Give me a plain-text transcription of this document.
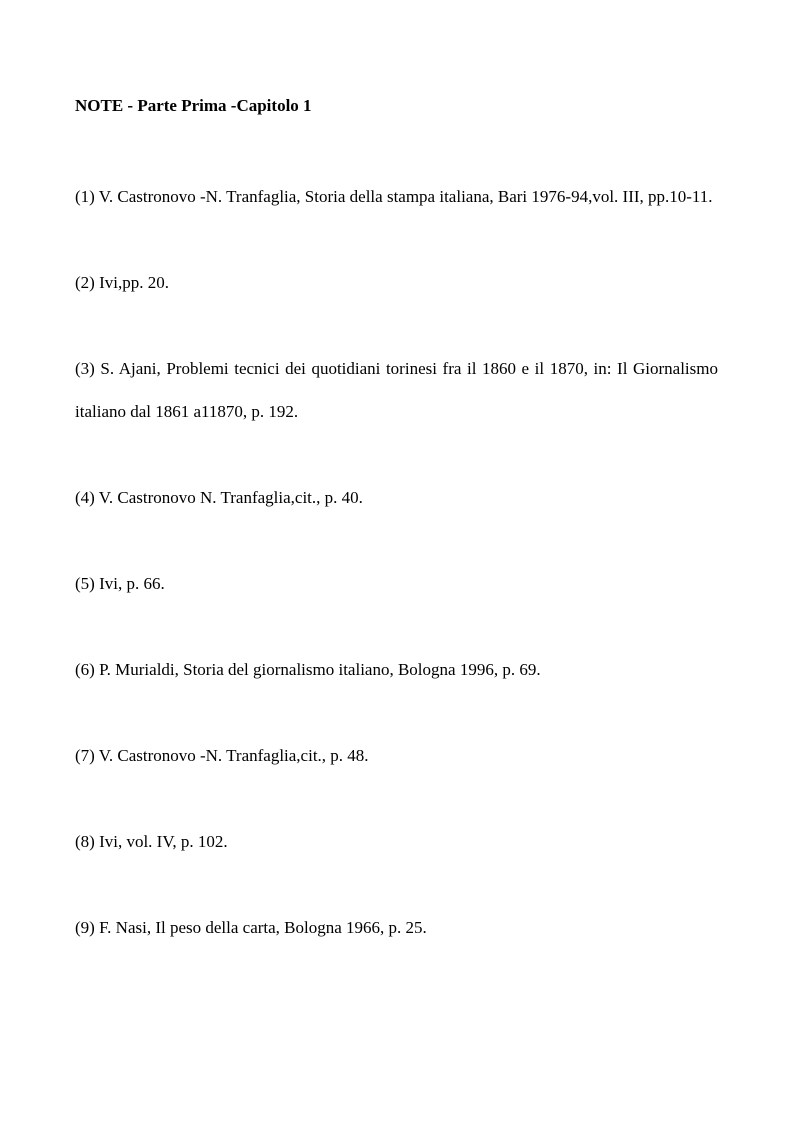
NOTE - Parte Prima -Capitolo 1
(1) V. Castronovo -N. Tranfaglia, Storia della stampa italiana, Bari 1976-94,vol. III, pp.10-11.
(2) Ivi,pp. 20.
(3) S. Ajani, Problemi tecnici dei quotidiani torinesi fra il 1860 e il 1870, in: Il Giornalismo italiano dal 1861 a11870, p. 192.
(4) V. Castronovo N. Tranfaglia,cit., p. 40.
(5) Ivi, p. 66.
(6) P. Murialdi, Storia del giornalismo italiano, Bologna 1996, p. 69.
(7) V. Castronovo -N. Tranfaglia,cit., p. 48.
(8) Ivi, vol. IV, p. 102.
(9) F. Nasi, Il peso della carta, Bologna 1966, p. 25.
